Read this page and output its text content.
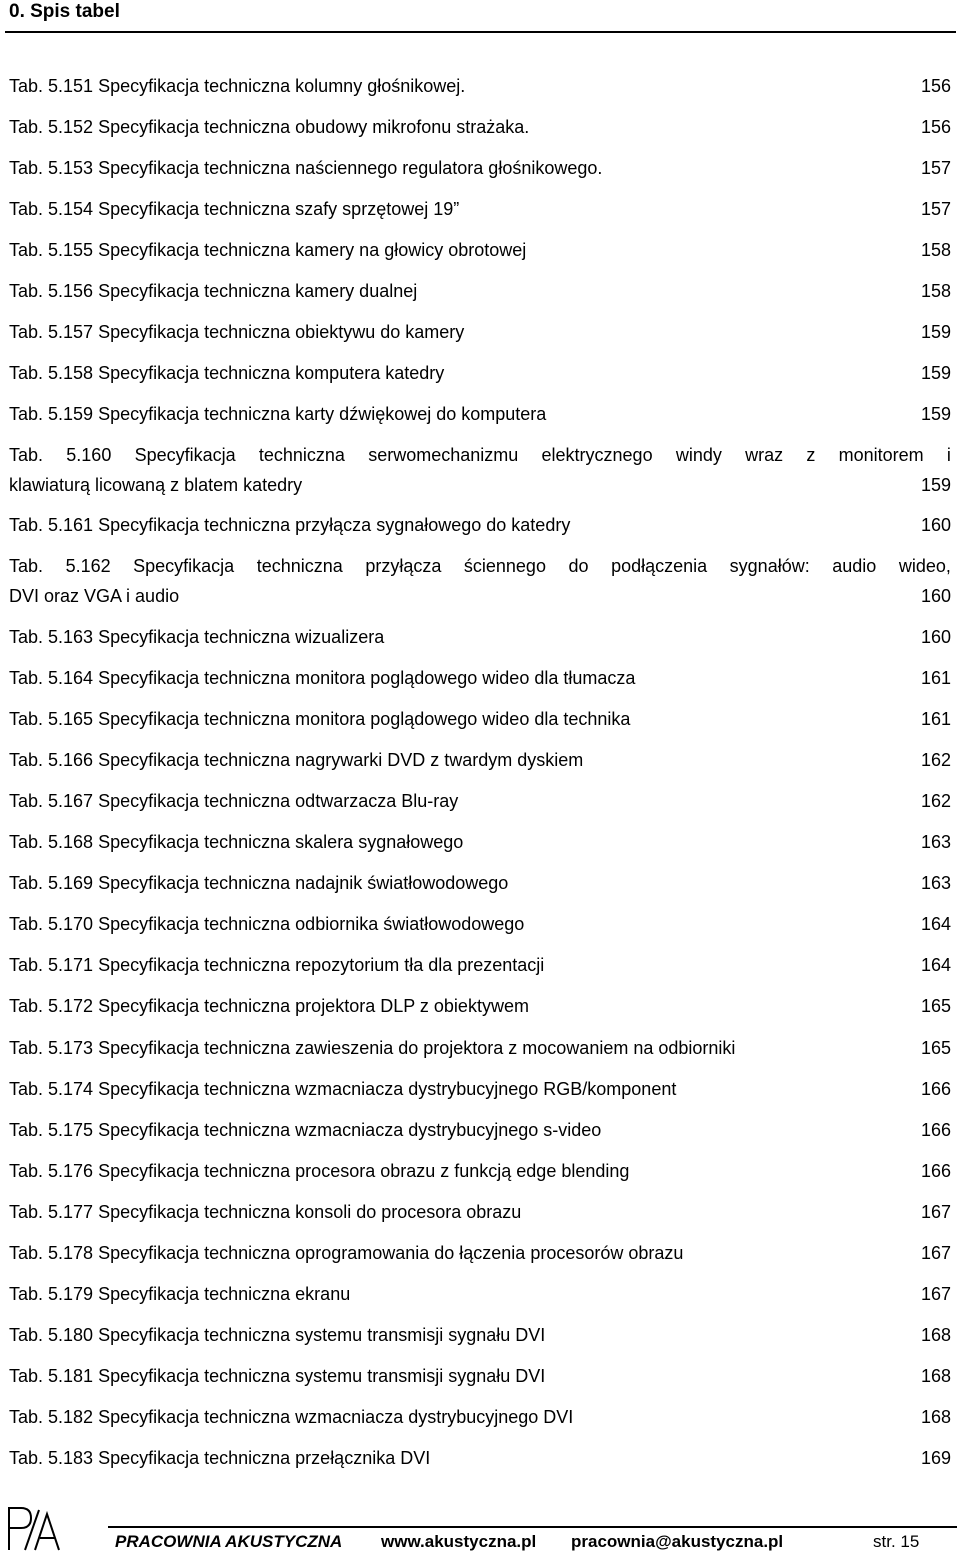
0. Spis tabel
Tab. 5.151 Specyfikacja techniczna kolumny głośnikowej.	156
Tab. 5.152 Specyfikacja techniczna obudowy mikrofonu strażaka.	156
Tab. 5.153 Specyfikacja techniczna naściennego regulatora głośnikowego.	157
Tab. 5.154 Specyfikacja techniczna szafy sprzętowej 19”	157
Tab. 5.155 Specyfikacja techniczna kamery na głowicy obrotowej	158
Tab. 5.156 Specyfikacja techniczna kamery dualnej	158
Tab. 5.157 Specyfikacja techniczna obiektywu do kamery	159
Tab. 5.158 Specyfikacja techniczna komputera katedry	159
Tab. 5.159 Specyfikacja techniczna karty dźwiękowej do komputera	159
Tab. 5.160 Specyfikacja techniczna serwomechanizmu elektrycznego windy wraz z monitorem i
klawiaturą licowaną z blatem katedry	159
Tab. 5.161 Specyfikacja techniczna przyłącza sygnałowego do katedry	160
Tab. 5.162 Specyfikacja techniczna przyłącza ściennego do podłączenia sygnałów: audio wideo,
DVI oraz VGA i audio	160
Tab. 5.163 Specyfikacja techniczna wizualizera	160
Tab. 5.164 Specyfikacja techniczna monitora poglądowego wideo dla tłumacza	161
Tab. 5.165 Specyfikacja techniczna monitora poglądowego wideo dla technika	161
Tab. 5.166 Specyfikacja techniczna nagrywarki DVD z twardym dyskiem	162
Tab. 5.167 Specyfikacja techniczna odtwarzacza Blu-ray	162
Tab. 5.168 Specyfikacja techniczna skalera sygnałowego	163
Tab. 5.169 Specyfikacja techniczna nadajnik światłowodowego	163
Tab. 5.170 Specyfikacja techniczna odbiornika światłowodowego	164
Tab. 5.171 Specyfikacja techniczna repozytorium tła dla prezentacji	164
Tab. 5.172 Specyfikacja techniczna projektora DLP z obiektywem	165
Tab. 5.173 Specyfikacja techniczna zawieszenia do projektora z mocowaniem na odbiorniki	165
Tab. 5.174 Specyfikacja techniczna wzmacniacza dystrybucyjnego RGB/komponent	166
Tab. 5.175 Specyfikacja techniczna wzmacniacza dystrybucyjnego s-video	166
Tab. 5.176 Specyfikacja techniczna procesora obrazu z funkcją edge blending	166
Tab. 5.177 Specyfikacja techniczna konsoli do procesora obrazu	167
Tab. 5.178 Specyfikacja techniczna oprogramowania do łączenia procesorów obrazu	167
Tab. 5.179 Specyfikacja techniczna ekranu	167
Tab. 5.180 Specyfikacja techniczna systemu transmisji sygnału DVI	168
Tab. 5.181 Specyfikacja techniczna systemu transmisji sygnału DVI	168
Tab. 5.182 Specyfikacja techniczna wzmacniacza dystrybucyjnego DVI	168
Tab. 5.183 Specyfikacja techniczna przełącznika DVI	169
PRACOWNIA AKUSTYCZNA www.akustyczna.pl pracownia@akustyczna.pl	str. 15
